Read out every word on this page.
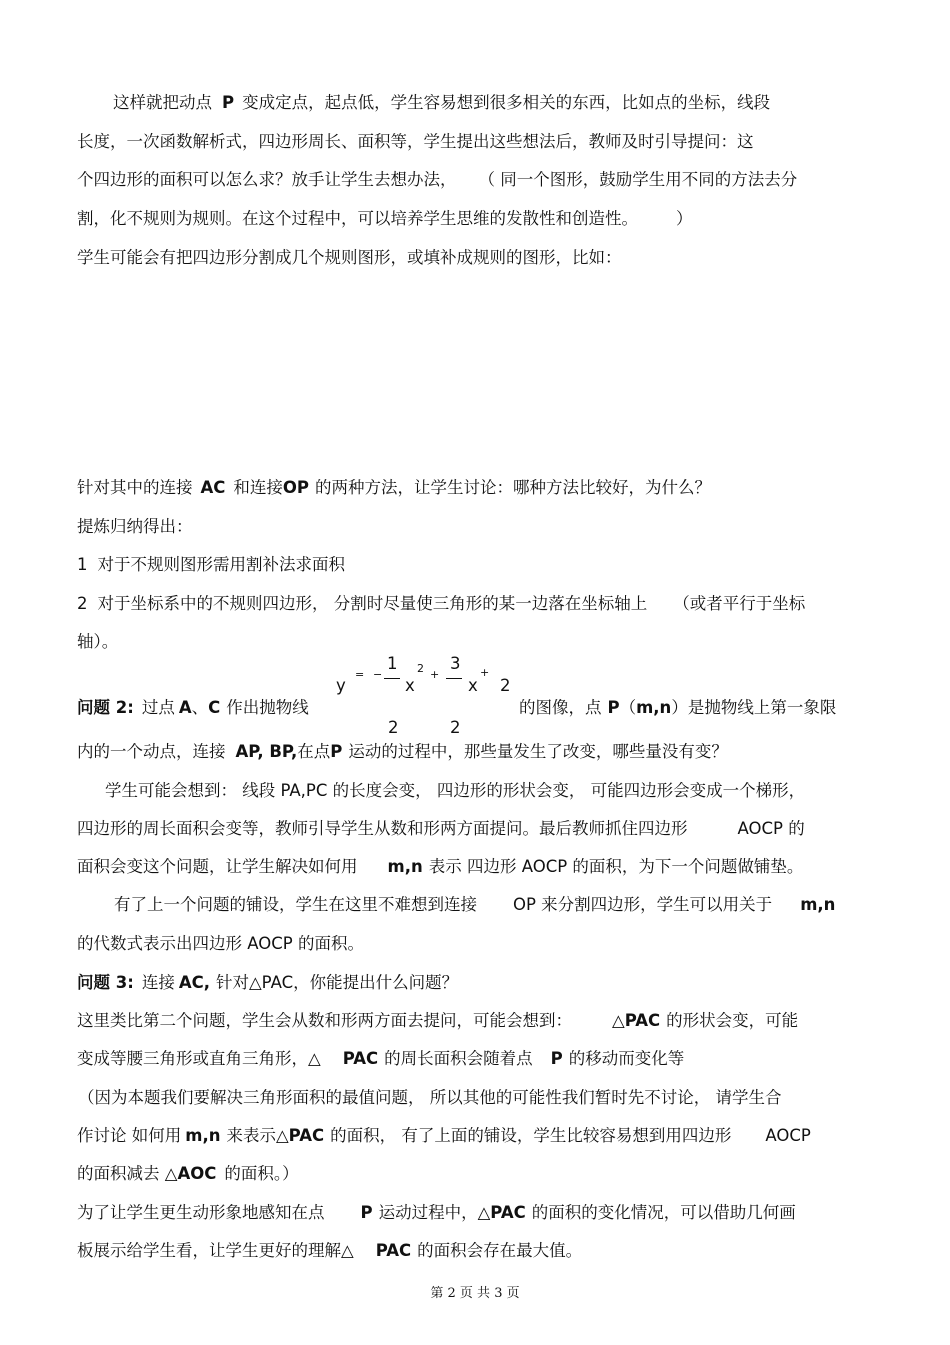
这样就把动点 P 变成定点，起点低，学生容易想到很多相关的东西，比如点的坐标，线段
长度，一次函数解析式，四边形周长、面积等，学生提出这些想法后，教师及时引导提问：这
个四边形的面积可以怎么求？放手让学生去想办法， （ 同一个图形，鼓励学生用不同的方法去分
割，化不规则为规则。在这个过程中，可以培养学生思维的发散性和创造性。 ）
学生可能会有把四边形分割成几个规则图形，或填补成规则的图形，比如：
针对其中的连接 AC 和连接OP 的两种方法，让学生讨论：哪种方法比较好，为什么？
提炼归纳得出：
1 对于不规则图形需用割补法求面积
2 对于坐标系中的不规则四边形， 分割时尽量使三角形的某一边落在坐标轴上 （或者平行于坐标
轴）。
y
= −
1
2
x
2 +
3
2
x
+
2
问题 2: 过点 A、C 作出抛物线	的图像，点 P（m,n）是抛物线上第一象限
内的一个动点，连接 AP, BP,在点P 运动的过程中，那些量发生了改变，哪些量没有变？
学生可能会想到： 线段 PA,PC 的长度会变， 四边形的形状会变， 可能四边形会变成一个梯形，
四边形的周长面积会变等，教师引导学生从数和形两方面提问。最后教师抓住四边形	AOCP 的
面积会变这个问题，让学生解决如何用 m,n 表示 四边形 AOCP 的面积，为下一个问题做铺垫。
有了上一个问题的铺设，学生在这里不难想到连接 OP 来分割四边形，学生可以用关于 m,n
的代数式表示出四边形 AOCP 的面积。
问题 3: 连接 AC, 针对△PAC，你能提出什么问题？
这里类比第二个问题，学生会从数和形两方面去提问，可能会想到： △PAC 的形状会变，可能
变成等腰三角形或直角三角形，△ PAC 的周长面积会随着点 P 的移动而变化等
（因为本题我们要解决三角形面积的最值问题， 所以其他的可能性我们暂时先不讨论， 请学生合
作讨论 如何用 m,n 来表示△PAC 的面积， 有了上面的铺设，学生比较容易想到用四边形 AOCP
的面积减去 △AOC 的面积。）
为了让学生更生动形象地感知在点 P 运动过程中，△PAC 的面积的变化情况，可以借助几何画
板展示给学生看，让学生更好的理解△ PAC 的面积会存在最大值。
第 2 页 共 3 页
